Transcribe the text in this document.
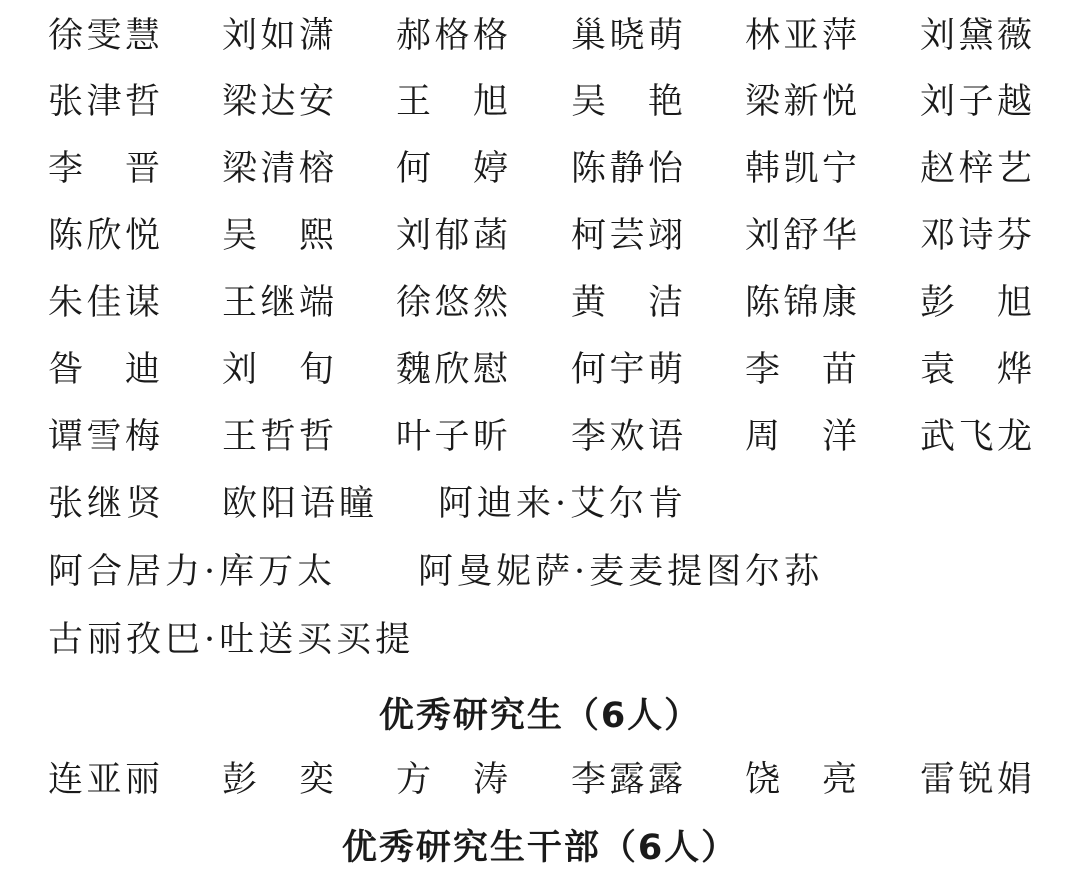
徐雯慧 刘如潇 郝格格 巢晓萌 林亚萍 刘黛薇
张津哲 梁达安 王 旭 吴 艳 梁新悦 刘子越
李 晋 梁清榕 何 婷 陈静怡 韩凯宁 赵梓艺
陈欣悦 吴 熙 刘郁菡 柯芸翊 刘舒华 邓诗芬
朱佳谋 王继端 徐悠然 黄 洁 陈锦康 彭 旭
昝 迪 刘 旬 魏欣慰 何宇萌 李 苗 袁 烨
谭雪梅 王哲哲 叶子昕 李欢语 周 洋 武飞龙
张继贤 欧阳语瞳 阿迪来·艾尔肯
阿合居力·库万太 阿曼妮萨·麦麦提图尔荪
古丽孜巴·吐送买买提
优秀研究生（6人）
连亚丽 彭 奕 方 涛 李露露 饶 亮 雷锐娟
优秀研究生干部（6人）
